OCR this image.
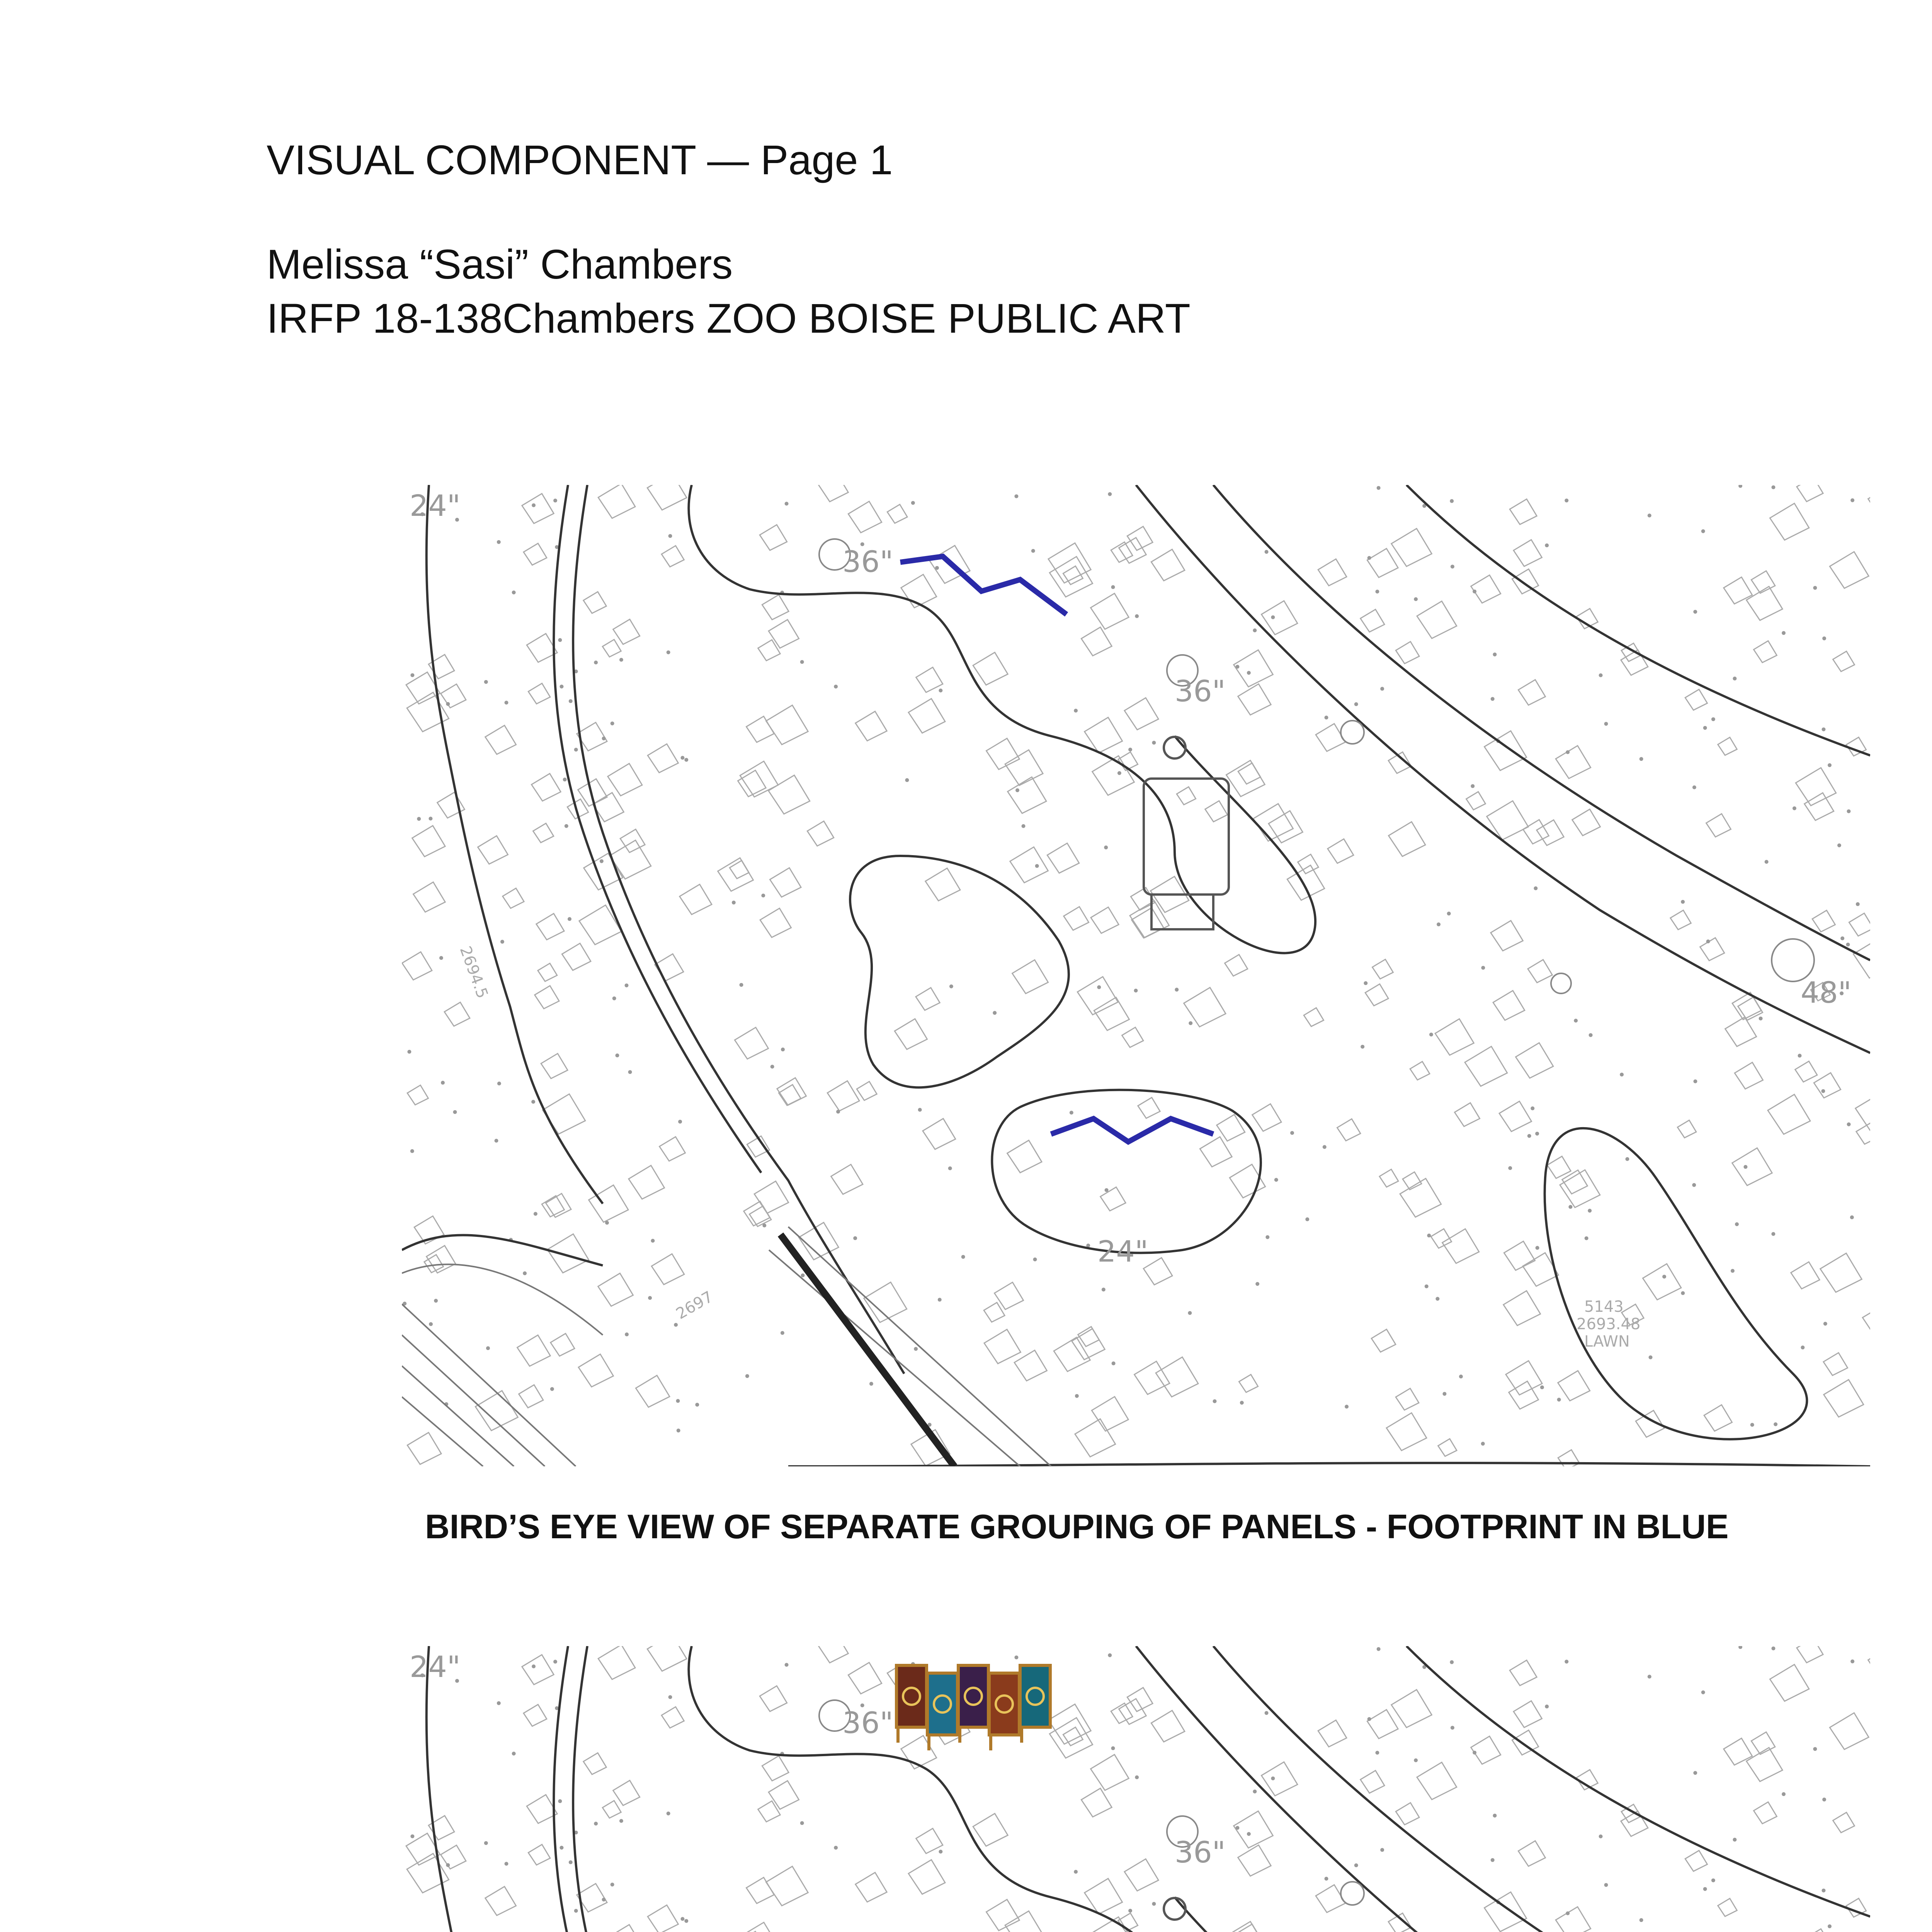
VISUAL COMPONENT — Page 1
Melissa “Sasi” Chambers
IRFP 18-138Chambers ZOO BOISE PUBLIC ART
24"
36"
36"
48"
24"
2694.5
2697	5143
2693.48
LAWN
BIRD’S EYE VIEW OF SEPARATE GROUPING OF PANELS - FOOTPRINT IN BLUE
24"
36"
36"
